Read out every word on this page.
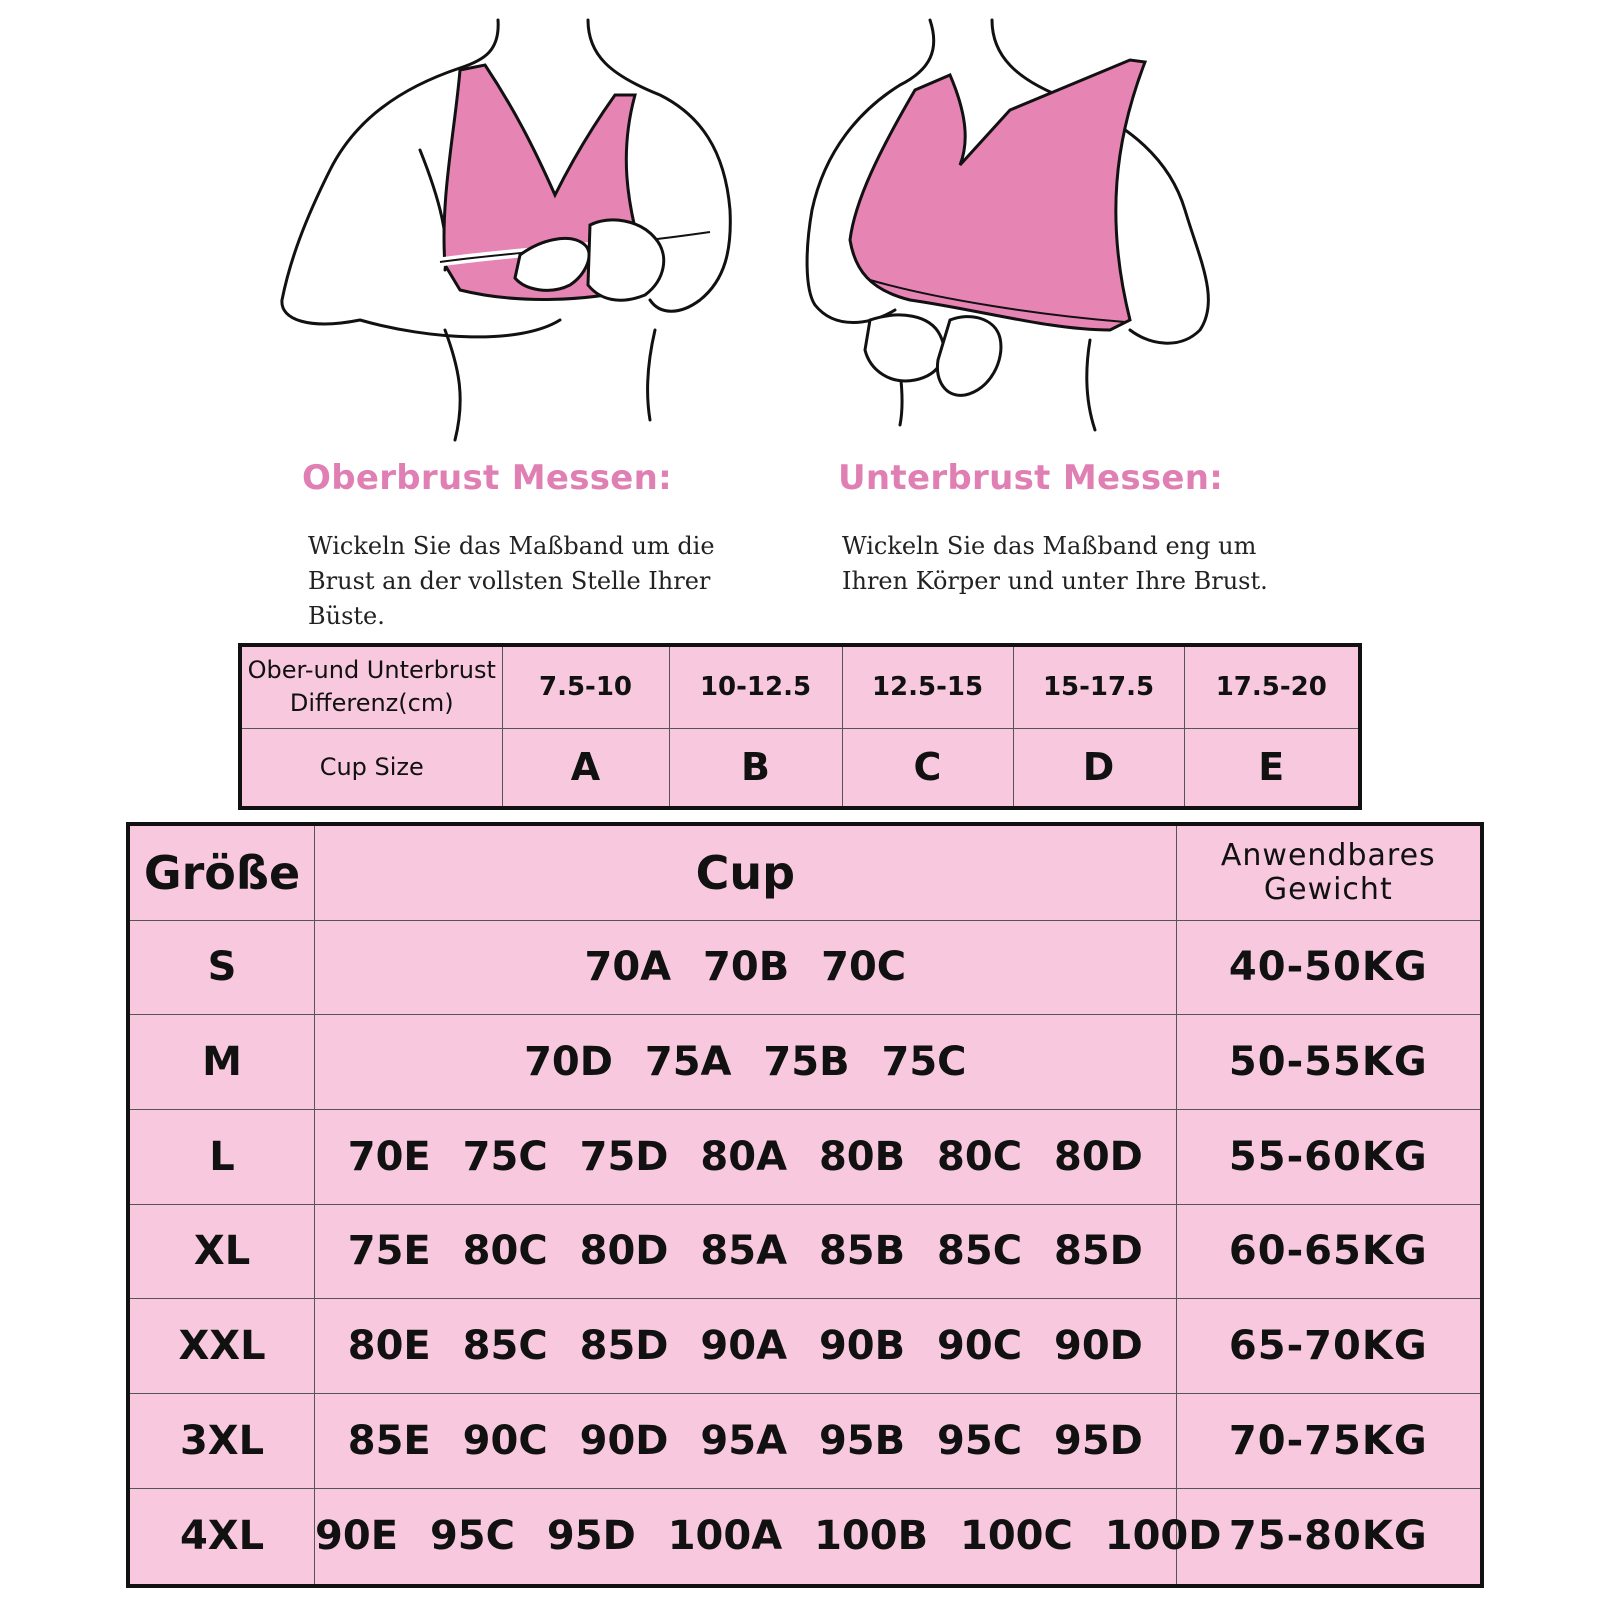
Oberbrust Messen:	Unterbrust Messen:
Wickeln Sie das Maßband um die Brust an der vollsten Stelle Ihrer Büste.
Wickeln Sie das Maßband eng um Ihren Körper und unter Ihre Brust.
Ober-und Unterbrust Differenz(cm)	7.5-10	10-12.5	12.5-15	15-17.5	17.5-20
Cup Size	A	B	C	D	E
Größe	Cup	Anwendbares Gewicht
S	70A 70B 70C	40-50KG
M	70D 75A 75B 75C	50-55KG
L	70E 75C 75D 80A 80B 80C 80D	55-60KG
XL	75E 80C 80D 85A 85B 85C 85D	60-65KG
XXL	80E 85C 85D 90A 90B 90C 90D	65-70KG
3XL	85E 90C 90D 95A 95B 95C 95D	70-75KG
4XL	90E 95C 95D 100A 100B 100C 100D	75-80KG
